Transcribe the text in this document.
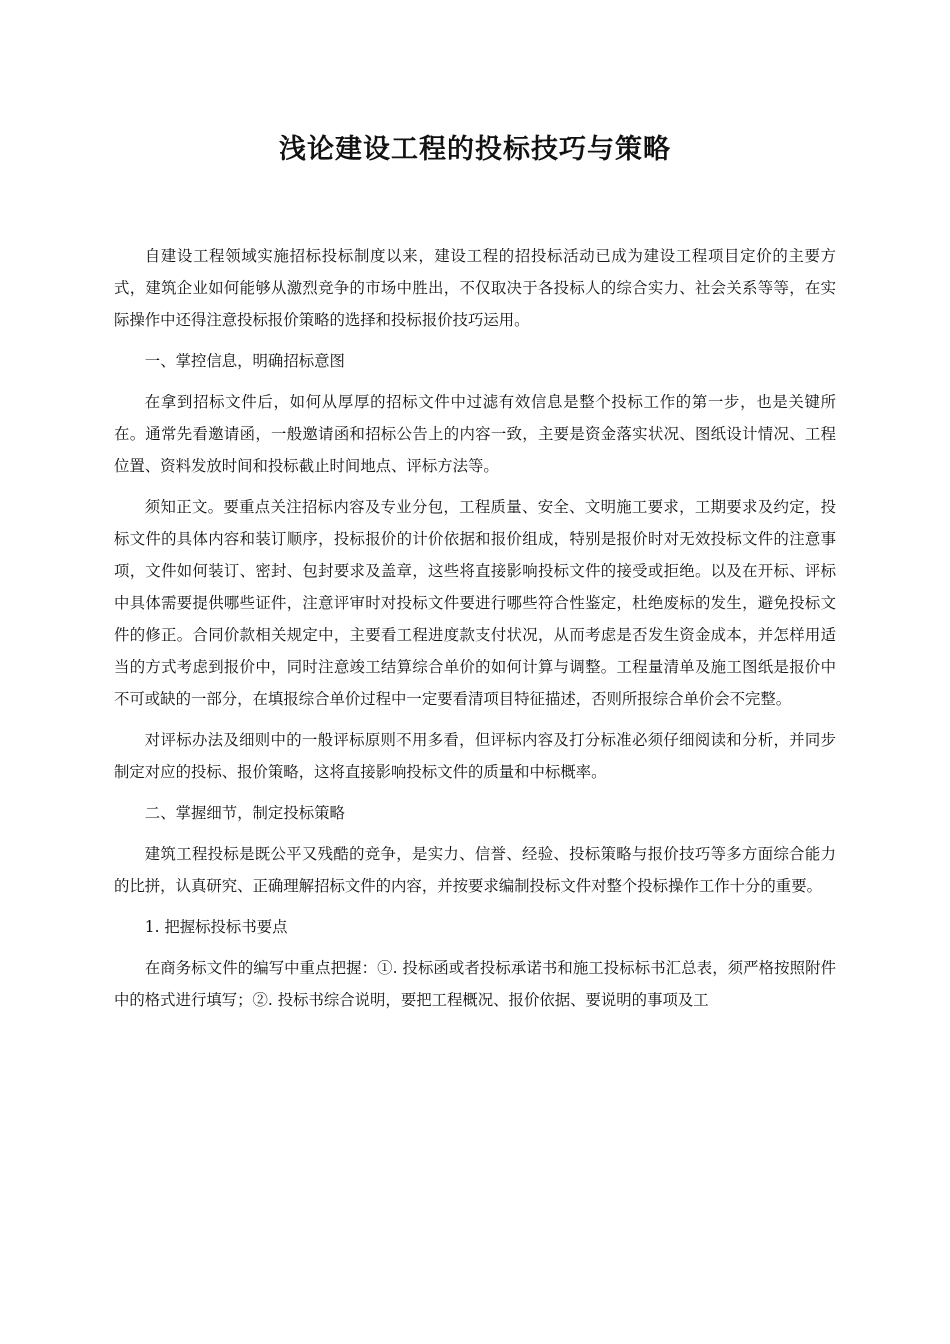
浅论建设工程的投标技巧与策略

自建设工程领域实施招标投标制度以来，建设工程的招投标活动已成为建设工程项目定价的主要方式，建筑企业如何能够从激烈竞争的市场中胜出，不仅取决于各投标人的综合实力、社会关系等等，在实际操作中还得注意投标报价策略的选择和投标报价技巧运用。

一、掌控信息，明确招标意图

在拿到招标文件后，如何从厚厚的招标文件中过滤有效信息是整个投标工作的第一步，也是关键所在。通常先看邀请函，一般邀请函和招标公告上的内容一致，主要是资金落实状况、图纸设计情况、工程位置、资料发放时间和投标截止时间地点、评标方法等。

须知正文。要重点关注招标内容及专业分包，工程质量、安全、文明施工要求，工期要求及约定，投标文件的具体内容和装订顺序，投标报价的计价依据和报价组成，特别是报价时对无效投标文件的注意事项，文件如何装订、密封、包封要求及盖章，这些将直接影响投标文件的接受或拒绝。以及在开标、评标中具体需要提供哪些证件，注意评审时对投标文件要进行哪些符合性鉴定，杜绝废标的发生，避免投标文件的修正。合同价款相关规定中，主要看工程进度款支付状况，从而考虑是否发生资金成本，并怎样用适当的方式考虑到报价中，同时注意竣工结算综合单价的如何计算与调整。工程量清单及施工图纸是报价中不可或缺的一部分，在填报综合单价过程中一定要看清项目特征描述，否则所报综合单价会不完整。

对评标办法及细则中的一般评标原则不用多看，但评标内容及打分标准必须仔细阅读和分析，并同步制定对应的投标、报价策略，这将直接影响投标文件的质量和中标概率。

二、掌握细节，制定投标策略

建筑工程投标是既公平又残酷的竞争，是实力、信誉、经验、投标策略与报价技巧等多方面综合能力的比拼，认真研究、正确理解招标文件的内容，并按要求编制投标文件对整个投标操作工作十分的重要。

1. 把握标投标书要点

在商务标文件的编写中重点把握：①. 投标函或者投标承诺书和施工投标标书汇总表，须严格按照附件中的格式进行填写；②. 投标书综合说明，要把工程概况、报价依据、要说明的事项及工
